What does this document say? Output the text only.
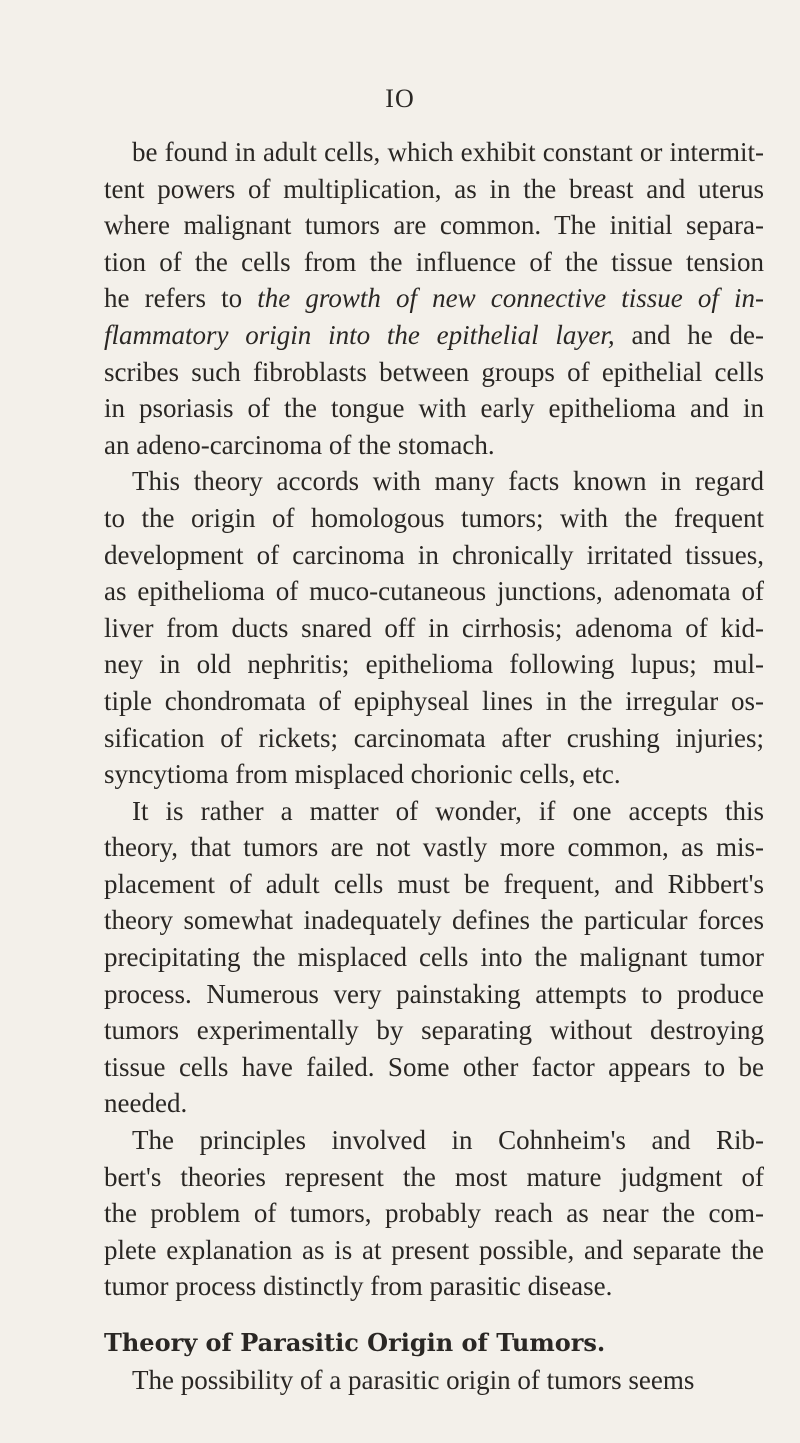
IO
be found in adult cells, which exhibit constant or intermit-
tent powers of multiplication, as in the breast and uterus
where malignant tumors are common. The initial separa-
tion of the cells from the influence of the tissue tension
he refers to the growth of new connective tissue of in-
flammatory origin into the epithelial layer, and he de-
scribes such fibroblasts between groups of epithelial cells
in psoriasis of the tongue with early epithelioma and in
an adeno-carcinoma of the stomach.
This theory accords with many facts known in regard
to the origin of homologous tumors; with the frequent
development of carcinoma in chronically irritated tissues,
as epithelioma of muco-cutaneous junctions, adenomata of
liver from ducts snared off in cirrhosis; adenoma of kid-
ney in old nephritis; epithelioma following lupus; mul-
tiple chondromata of epiphyseal lines in the irregular os-
sification of rickets; carcinomata after crushing injuries;
syncytioma from misplaced chorionic cells, etc.
It is rather a matter of wonder, if one accepts this
theory, that tumors are not vastly more common, as mis-
placement of adult cells must be frequent, and Ribbert's
theory somewhat inadequately defines the particular forces
precipitating the misplaced cells into the malignant tumor
process. Numerous very painstaking attempts to produce
tumors experimentally by separating without destroying
tissue cells have failed. Some other factor appears to be
needed.
The principles involved in Cohnheim's and Rib-
bert's theories represent the most mature judgment of
the problem of tumors, probably reach as near the com-
plete explanation as is at present possible, and separate the
tumor process distinctly from parasitic disease.
Theory of Parasitic Origin of Tumors.
The possibility of a parasitic origin of tumors seems
